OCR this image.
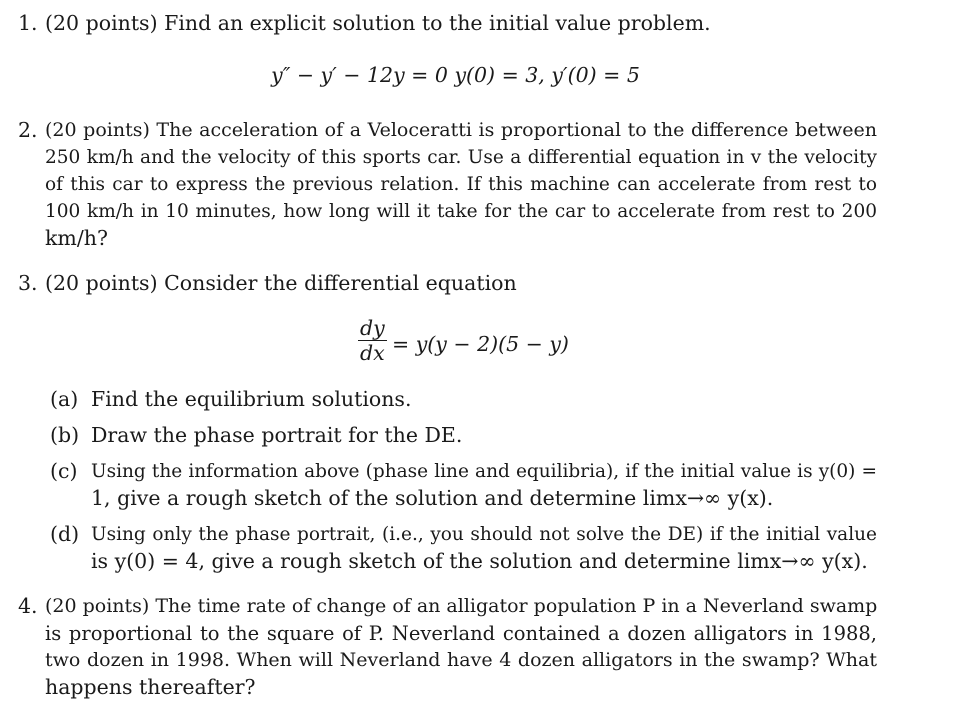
1. (20 points) Find an explicit solution to the initial value problem.
y″ − y′ − 12y = 0 y(0) = 3, y′(0) = 5
2. (20 points) The acceleration of a Veloceratti is proportional to the difference between
250 km/h and the velocity of this sports car. Use a differential equation in v the velocity
of this car to express the previous relation. If this machine can accelerate from rest to
100 km/h in 10 minutes, how long will it take for the car to accelerate from rest to 200
km/h?
3. (20 points) Consider the differential equation
$\frac{dy}{dx} = y(y - 2)(5 - y)$
(a) Find the equilibrium solutions.
(b) Draw the phase portrait for the DE.
(c) Using the information above (phase line and equilibria), if the initial value is y(0) =
1, give a rough sketch of the solution and determine limx→∞ y(x).
(d) Using only the phase portrait, (i.e., you should not solve the DE) if the initial value
is y(0) = 4, give a rough sketch of the solution and determine limx→∞ y(x).
4. (20 points) The time rate of change of an alligator population P in a Neverland swamp
is proportional to the square of P. Neverland contained a dozen alligators in 1988,
two dozen in 1998. When will Neverland have 4 dozen alligators in the swamp? What
happens thereafter?
